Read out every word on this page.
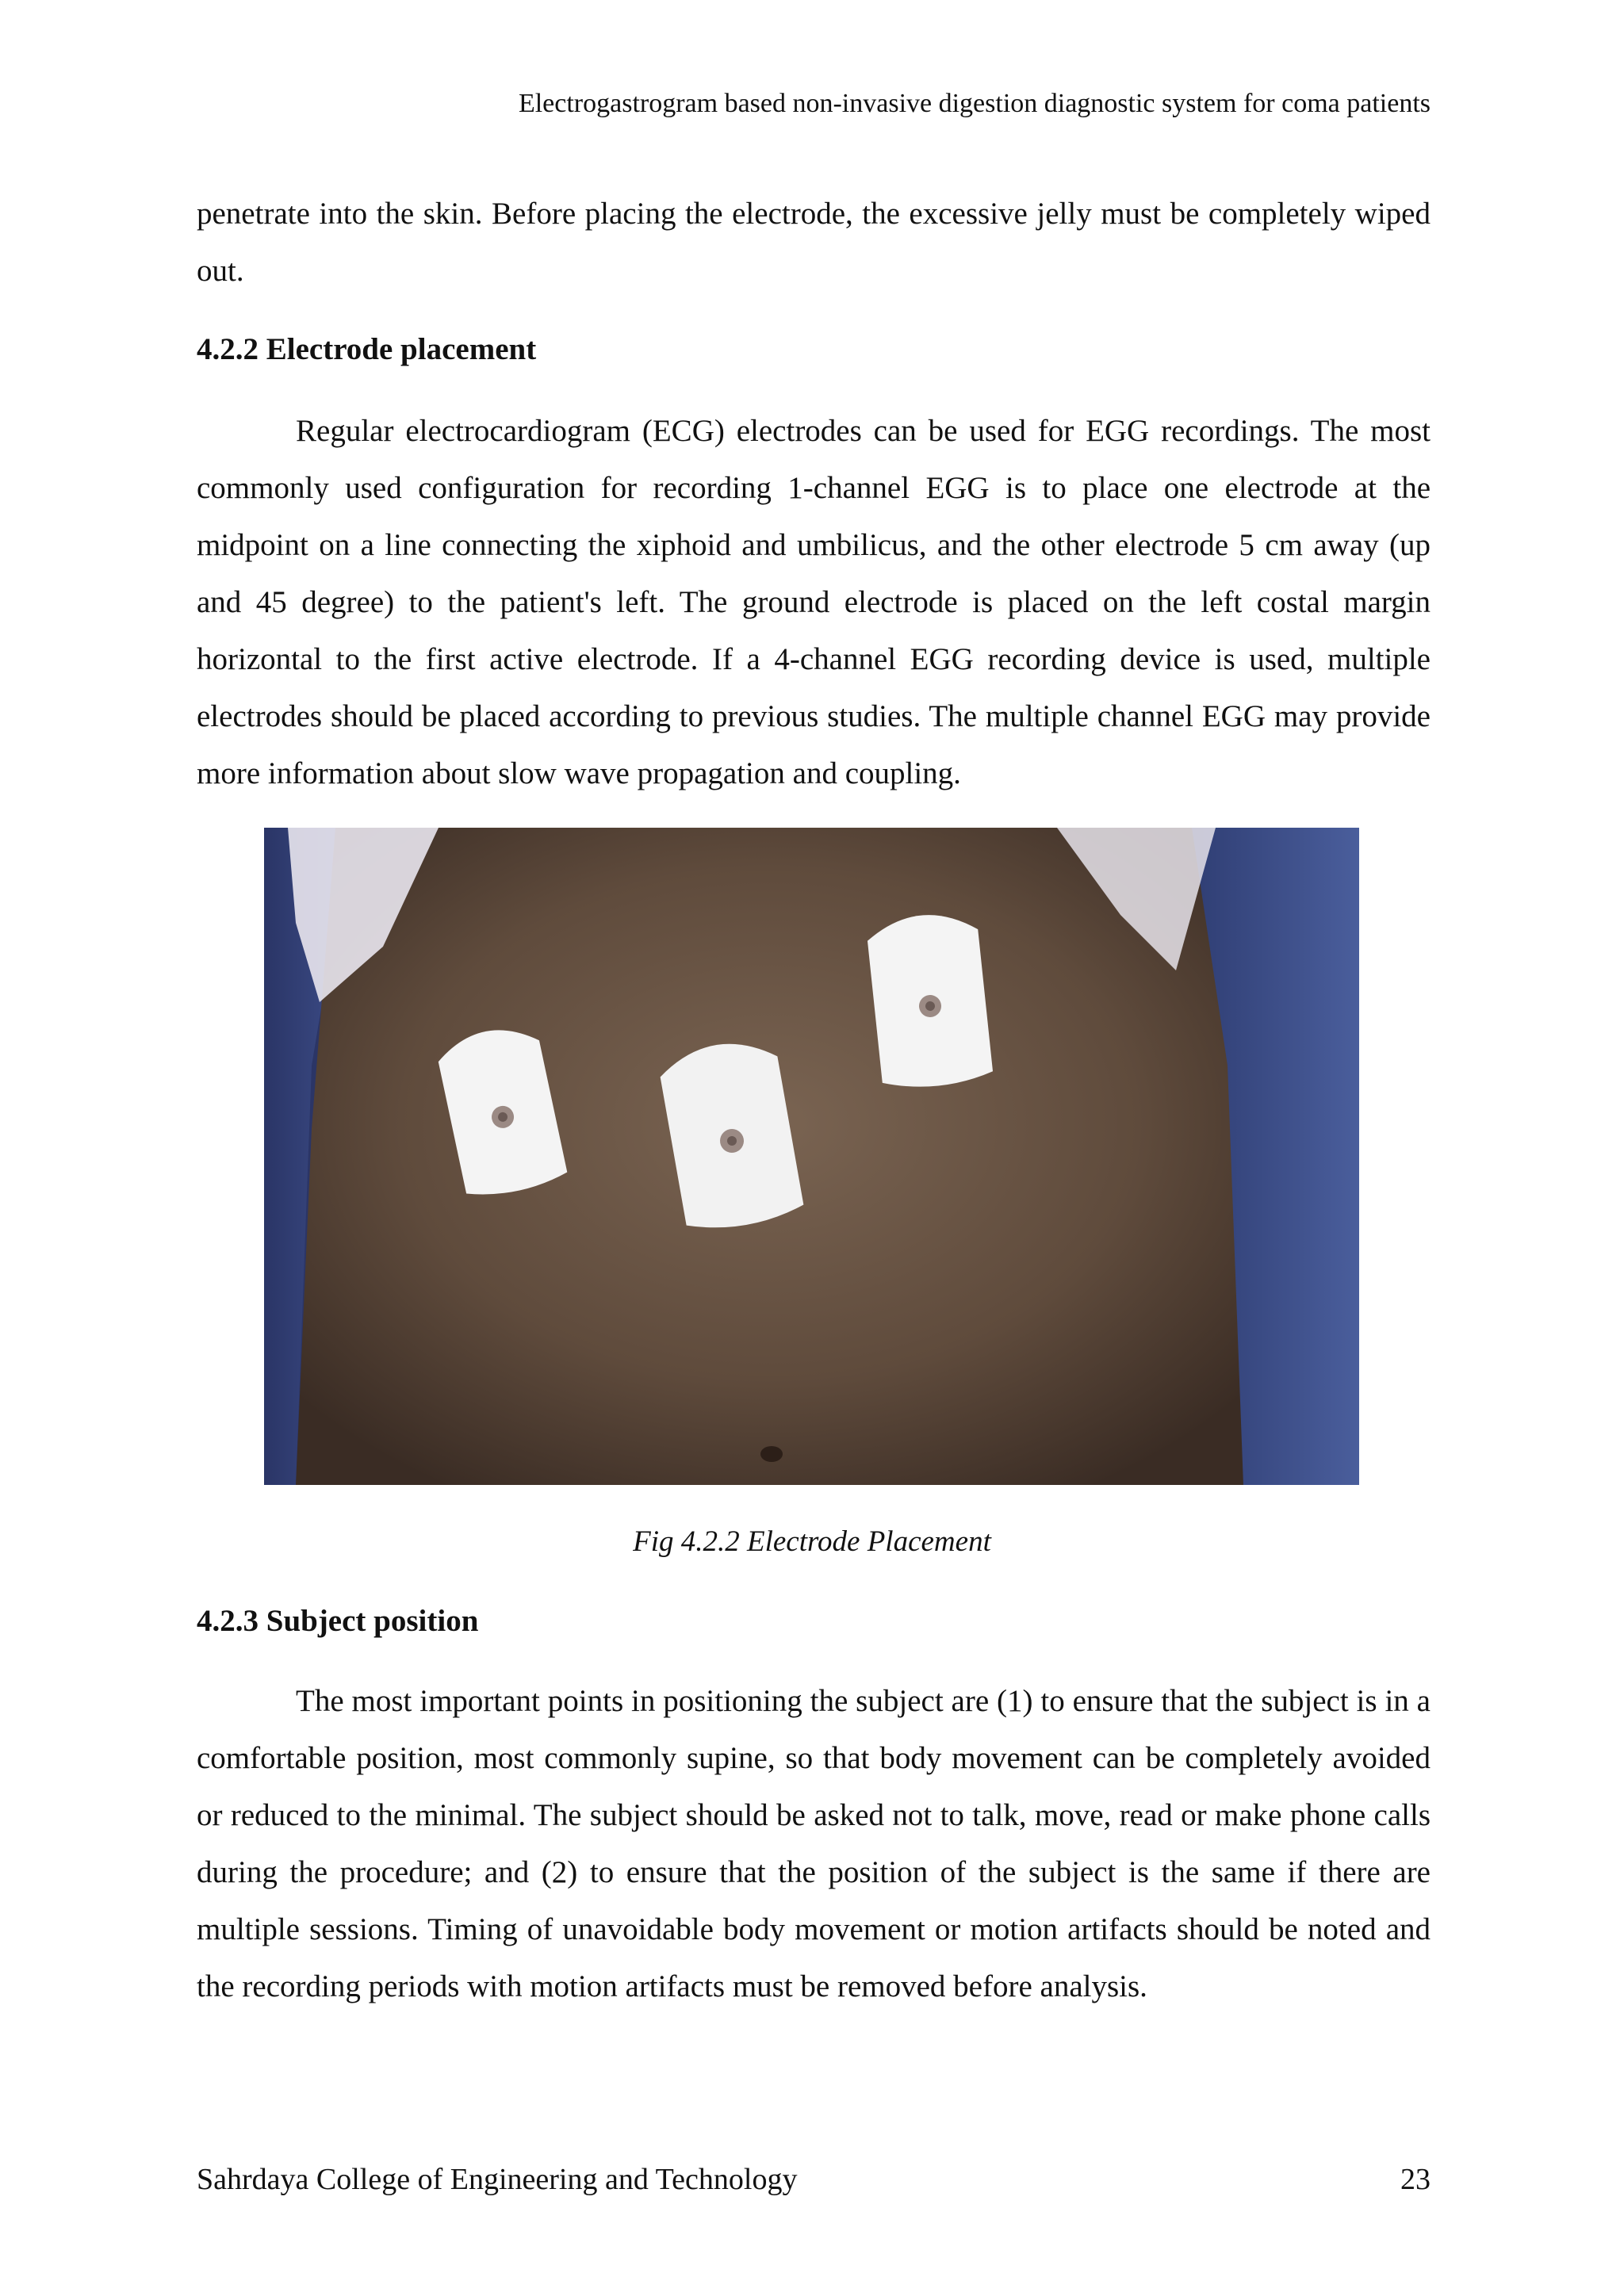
Electrogastrogram based non-invasive digestion diagnostic system for coma patients
penetrate into the skin. Before placing the electrode, the excessive jelly must be completely wiped out.
4.2.2 Electrode placement
Regular electrocardiogram (ECG) electrodes can be used for EGG recordings. The most commonly used configuration for recording 1-channel EGG is to place one electrode at the midpoint on a line connecting the xiphoid and umbilicus, and the other electrode 5 cm away (up and 45 degree) to the patient's left. The ground electrode is placed on the left costal margin horizontal to the first active electrode. If a 4-channel EGG recording device is used, multiple electrodes should be placed according to previous studies. The multiple channel EGG may provide more information about slow wave propagation and coupling.
Fig 4.2.2 Electrode Placement
4.2.3 Subject position
The most important points in positioning the subject are (1) to ensure that the subject is in a comfortable position, most commonly supine, so that body movement can be completely avoided or reduced to the minimal. The subject should be asked not to talk, move, read or make phone calls during the procedure; and (2) to ensure that the position of the subject is the same if there are multiple sessions. Timing of unavoidable body movement or motion artifacts should be noted and the recording periods with motion artifacts must be removed before analysis.
Sahrdaya College of Engineering and Technology	23
